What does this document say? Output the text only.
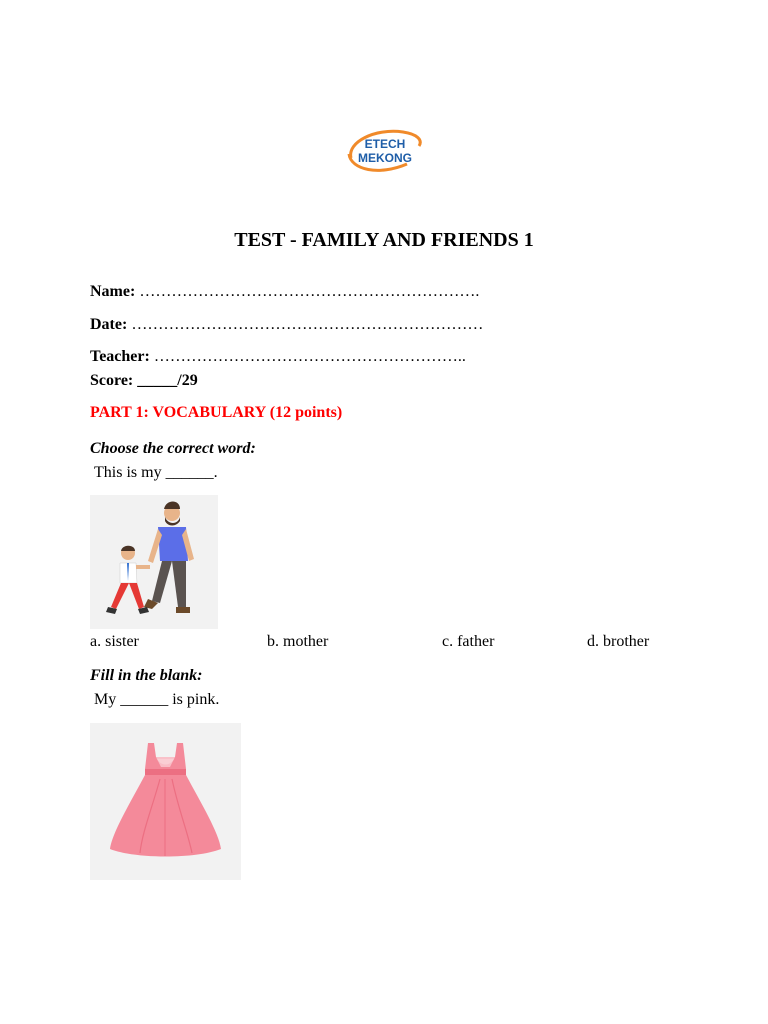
ETECH
MEKONG
TEST - FAMILY AND FRIENDS 1
Name: ……………………………………………………….
Date: …………………………………………………………
Teacher: …………………………………………………..
Score: _____/29
PART 1: VOCABULARY (12 points)
Choose the correct word:
This is my ______.
a. sister	b. mother	c. father	d. brother
Fill in the blank:
My ______ is pink.
